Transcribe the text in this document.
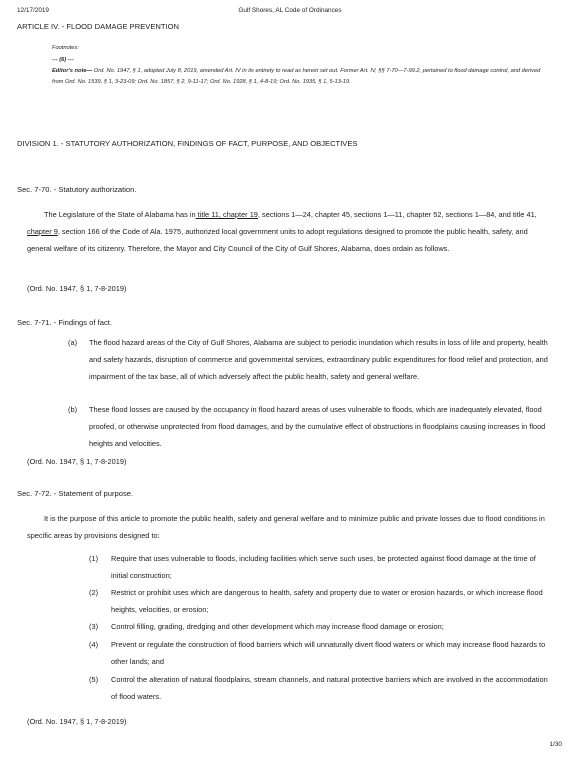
12/17/2019	Gulf Shores, AL Code of Ordinances
ARTICLE IV. - FLOOD DAMAGE PREVENTION
Footnotes:
--- (6) ---
Editor's note— Ord. No. 1947, § 1, adopted July 8, 2019, amended Art. IV in its entirety to read as herein set out. Former Art. IV, §§ 7-70—7-99.2, pertained to flood damage control, and derived from Ord. No. 1539, § 1, 3-23-09; Ord. No. 1857, § 2, 9-11-17; Ord. No. 1928, § 1, 4-8-19; Ord. No. 1935, § 1, 5-13-19.
DIVISION 1. - STATUTORY AUTHORIZATION, FINDINGS OF FACT, PURPOSE, AND OBJECTIVES
Sec. 7-70. - Statutory authorization.
The Legislature of the State of Alabama has in title 11, chapter 19, sections 1—24, chapter 45, sections 1—11, chapter 52, sections 1—84, and title 41, chapter 9, section 166 of the Code of Ala. 1975, authorized local government units to adopt regulations designed to promote the public health, safety, and general welfare of its citizenry. Therefore, the Mayor and City Council of the City of Gulf Shores, Alabama, does ordain as follows.
(Ord. No. 1947, § 1, 7-8-2019)
Sec. 7-71. - Findings of fact.
(a) The flood hazard areas of the City of Gulf Shores, Alabama are subject to periodic inundation which results in loss of life and property, health and safety hazards, disruption of commerce and governmental services, extraordinary public expenditures for flood relief and protection, and impairment of the tax base, all of which adversely affect the public health, safety and general welfare.
(b) These flood losses are caused by the occupancy in flood hazard areas of uses vulnerable to floods, which are inadequately elevated, flood proofed, or otherwise unprotected from flood damages, and by the cumulative effect of obstructions in floodplains causing increases in flood heights and velocities.
(Ord. No. 1947, § 1, 7-8-2019)
Sec. 7-72. - Statement of purpose.
It is the purpose of this article to promote the public health, safety and general welfare and to minimize public and private losses due to flood conditions in specific areas by provisions designed to:
(1) Require that uses vulnerable to floods, including facilities which serve such uses, be protected against flood damage at the time of initial construction;
(2) Restrict or prohibit uses which are dangerous to health, safety and property due to water or erosion hazards, or which increase flood heights, velocities, or erosion;
(3) Control filling, grading, dredging and other development which may increase flood damage or erosion;
(4) Prevent or regulate the construction of flood barriers which will unnaturally divert flood waters or which may increase flood hazards to other lands; and
(5) Control the alteration of natural floodplains, stream channels, and natural protective barriers which are involved in the accommodation of flood waters.
(Ord. No. 1947, § 1, 7-8-2019)
1/30
